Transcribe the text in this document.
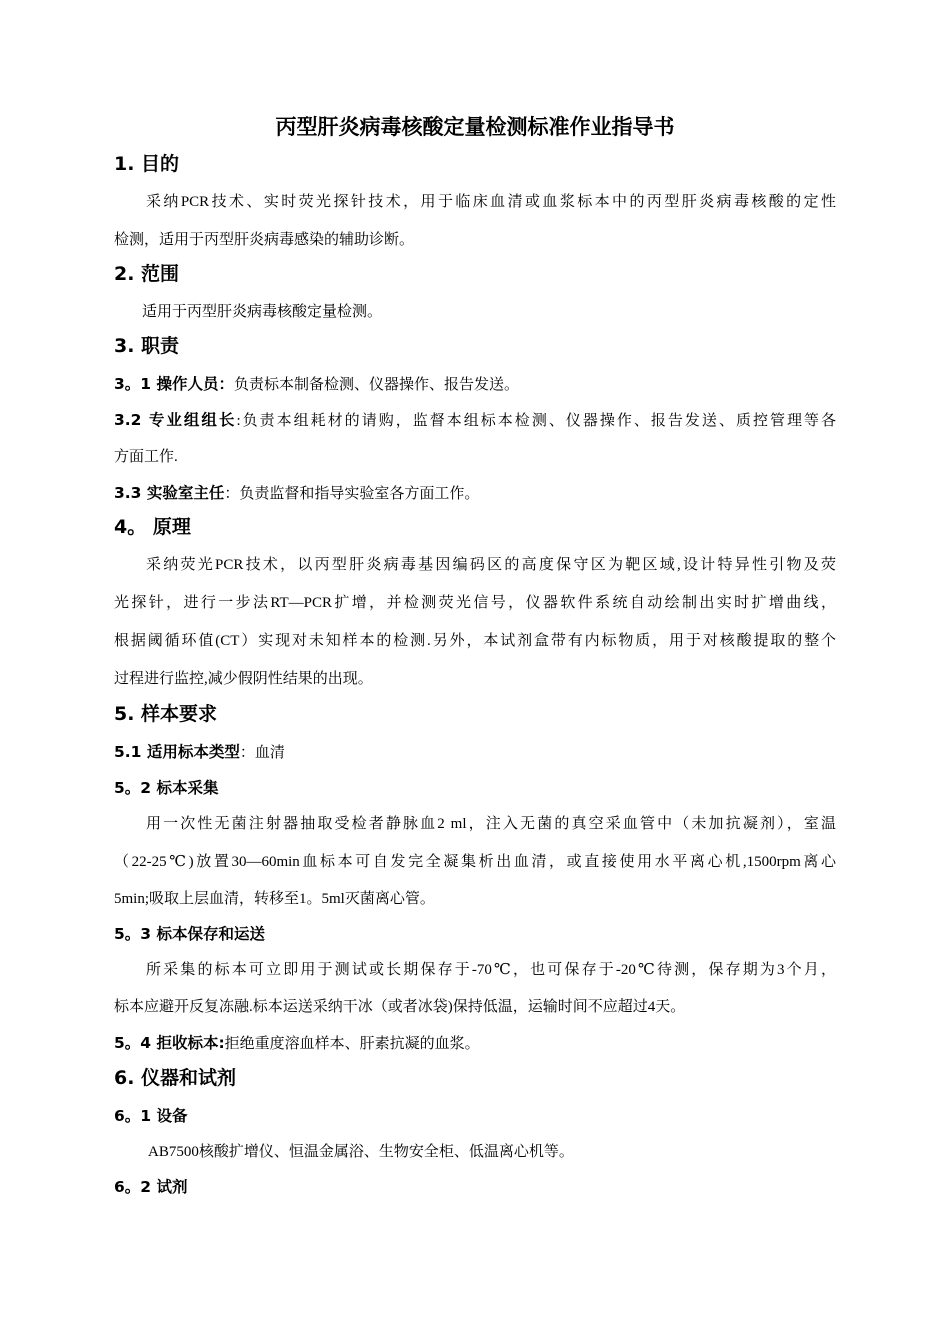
丙型肝炎病毒核酸定量检测标准作业指导书
1. 目的
采纳PCR技术、实时荧光探针技术，用于临床血清或血浆标本中的丙型肝炎病毒核酸的定性
检测，适用于丙型肝炎病毒感染的辅助诊断。
2. 范围
适用于丙型肝炎病毒核酸定量检测。
3. 职责
3。1 操作人员：负责标本制备检测、仪器操作、报告发送。
3.2 专业组组长:负责本组耗材的请购，监督本组标本检测、仪器操作、报告发送、质控管理等各
方面工作.
3.3 实验室主任：负责监督和指导实验室各方面工作。
4。 原理
采纳荧光PCR技术，以丙型肝炎病毒基因编码区的高度保守区为靶区域,设计特异性引物及荧
光探针，进行一步法RT—PCR扩增，并检测荧光信号，仪器软件系统自动绘制出实时扩增曲线，
根据阈循环值(CT）实现对未知样本的检测.另外，本试剂盒带有内标物质，用于对核酸提取的整个
过程进行监控,减少假阴性结果的出现。
5. 样本要求
5.1 适用标本类型：血清
5。2 标本采集
用一次性无菌注射器抽取受检者静脉血2 ml，注入无菌的真空采血管中（未加抗凝剂），室温
（22-25℃)放置30—60min血标本可自发完全凝集析出血清，或直接使用水平离心机,1500rpm离心
5min;吸取上层血清，转移至1。5ml灭菌离心管。
5。3 标本保存和运送
所采集的标本可立即用于测试或长期保存于-70℃，也可保存于-20℃待测，保存期为3个月，
标本应避开反复冻融.标本运送采纳干冰（或者冰袋)保持低温，运输时间不应超过4天。
5。4 拒收标本:拒绝重度溶血样本、肝素抗凝的血浆。
6. 仪器和试剂
6。1 设备
AB7500核酸扩增仪、恒温金属浴、生物安全柜、低温离心机等。
6。2 试剂
